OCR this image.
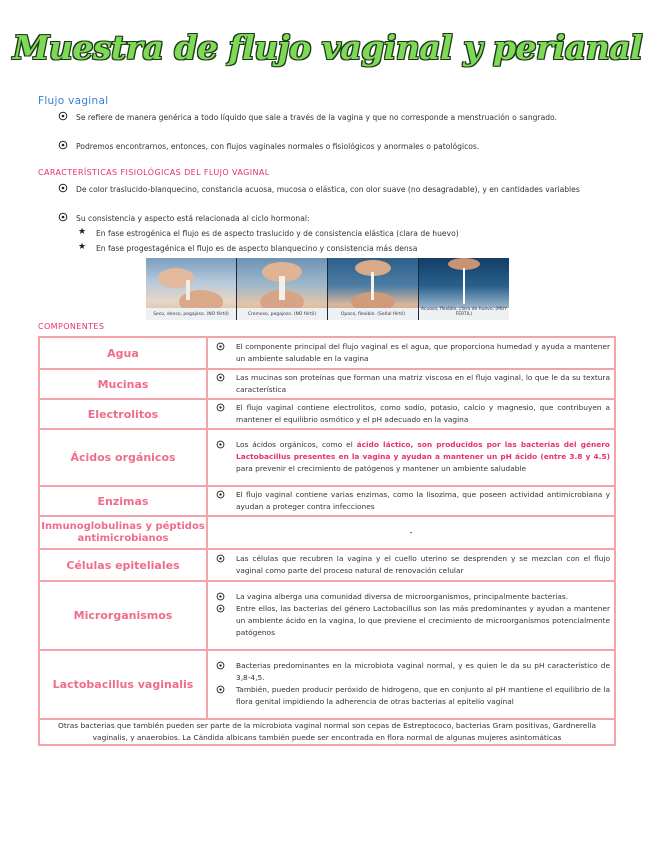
Muestra de flujo vaginal y perianal
Flujo vaginal
Se refiere de manera genérica a todo líquido que sale a través de la vagina y que no corresponde a menstruación o sangrado.
Podremos encontrarnos, entonces, con flujos vaginales normales o fisiológicos y anormales o patológicos.
CARACTERÍSTICAS FISIOLÓGICAS DEL FLUJO VAGINAL
De color traslucido-blanquecino, constancia acuosa, mucosa o elástica, con olor suave (no desagradable), y en cantidades variables
Su consistencia y aspecto está relacionada al ciclo hormonal:
★ En fase estrogénica el flujo es de aspecto traslucido y de consistencia elástica (clara de huevo)
★ En fase progestagénica el flujo es de aspecto blanquecino y consistencia más densa
Seco, denso, pegajoso. (NO fértil)	Cremoso, pegajoso. (NO fértil)	Opaco, flexible. (Señal fértil)
Acuoso, flexible, clara de huevo. (MUY FÉRTIL)
COMPONENTES
Agua	El componente principal del flujo vaginal es el agua, que proporciona humedad y ayuda a mantener un ambiente saludable en la vagina

Mucinas	Las mucinas son proteínas que forman una matriz viscosa en el flujo vaginal, lo que le da su textura característica

Electrolitos	El flujo vaginal contiene electrolitos, como sodio, potasio, calcio y magnesio, que contribuyen a mantener el equilibrio osmótico y el pH adecuado en la vagina

Ácidos orgánicos	Los ácidos orgánicos, como el ácido láctico, son producidos por las bacterias del género Lactobacillus presentes en la vagina y ayudan a mantener un pH ácido (entre 3.8 y 4.5) para prevenir el crecimiento de patógenos y mantener un ambiente saludable

Enzimas	El flujo vaginal contiene varias enzimas, como la lisozima, que poseen actividad antimicrobiana y ayudan a proteger contra infecciones

Inmunoglobulinas y péptidos antimicrobianos	-
Células epiteliales	Las células que recubren la vagina y el cuello uterino se desprenden y se mezclan con el flujo vaginal como parte del proceso natural de renovación celular

Microrganismos	La vagina alberga una comunidad diversa de microorganismos, principalmente bacterias.
Entre ellos, las bacterias del género Lactobacillus son las más predominantes y ayudan a mantener un ambiente ácido en la vagina, lo que previene el crecimiento de microorganismos potencialmente patógenos

Lactobacillus vaginalis	Bacterias predominantes en la microbiota vaginal normal, y es quien le da su pH característico de 3,8-4,5.
También, pueden producir peróxido de hidrogeno, que en conjunto al pH mantiene el equilibrio de la flora genital impidiendo la adherencia de otras bacterias al epitelio vaginal

Otras bacterias que también pueden ser parte de la microbiota vaginal normal son cepas de Estreptococo, bacterias Gram positivas, Gardnerella vaginalis, y anaerobios. La Cándida albicans también puede ser encontrada en flora normal de algunas mujeres asintomáticas	
